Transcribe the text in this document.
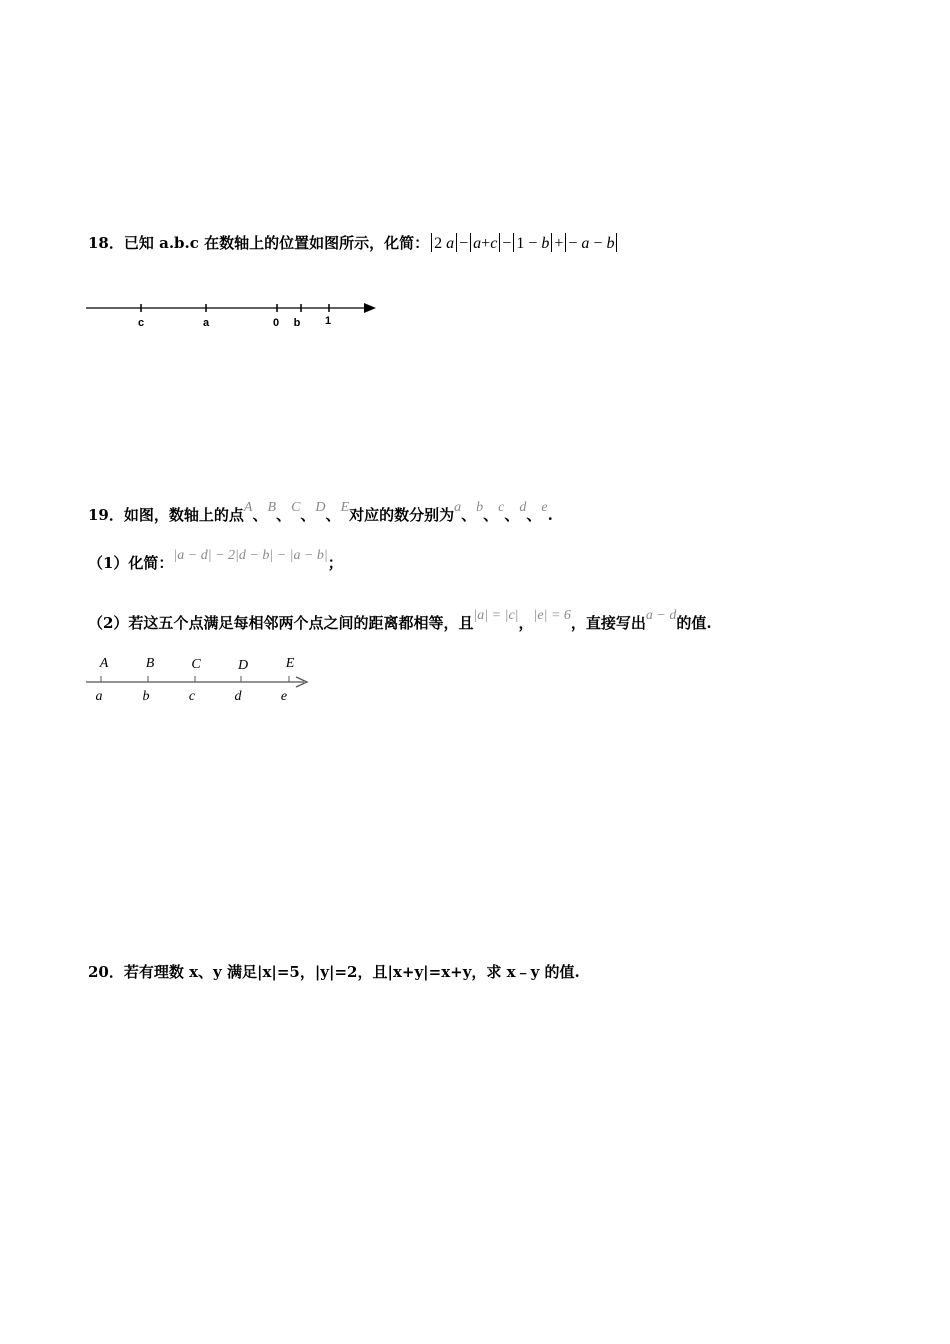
18．已知 a.b.c 在数轴上的位置如图所示，化简： 2 a − a+c − 1 − b + − a − b
c	a	0 b 1
19．如图，数轴上的点A、B、C、D、E对应的数分别为a、b、c、d、e.
（1）化简：|a − d| − 2|d − b| − |a − b|；
（2）若这五个点满足每相邻两个点之间的距离都相等，且|a| = |c|，|e| = 6，直接写出a − d的值.
A	B	C	D	E
a	b	c	d	e
20．若有理数 x、y 满足|x|=5，|y|=2，且|x+y|=x+y，求 x﹣y 的值.
